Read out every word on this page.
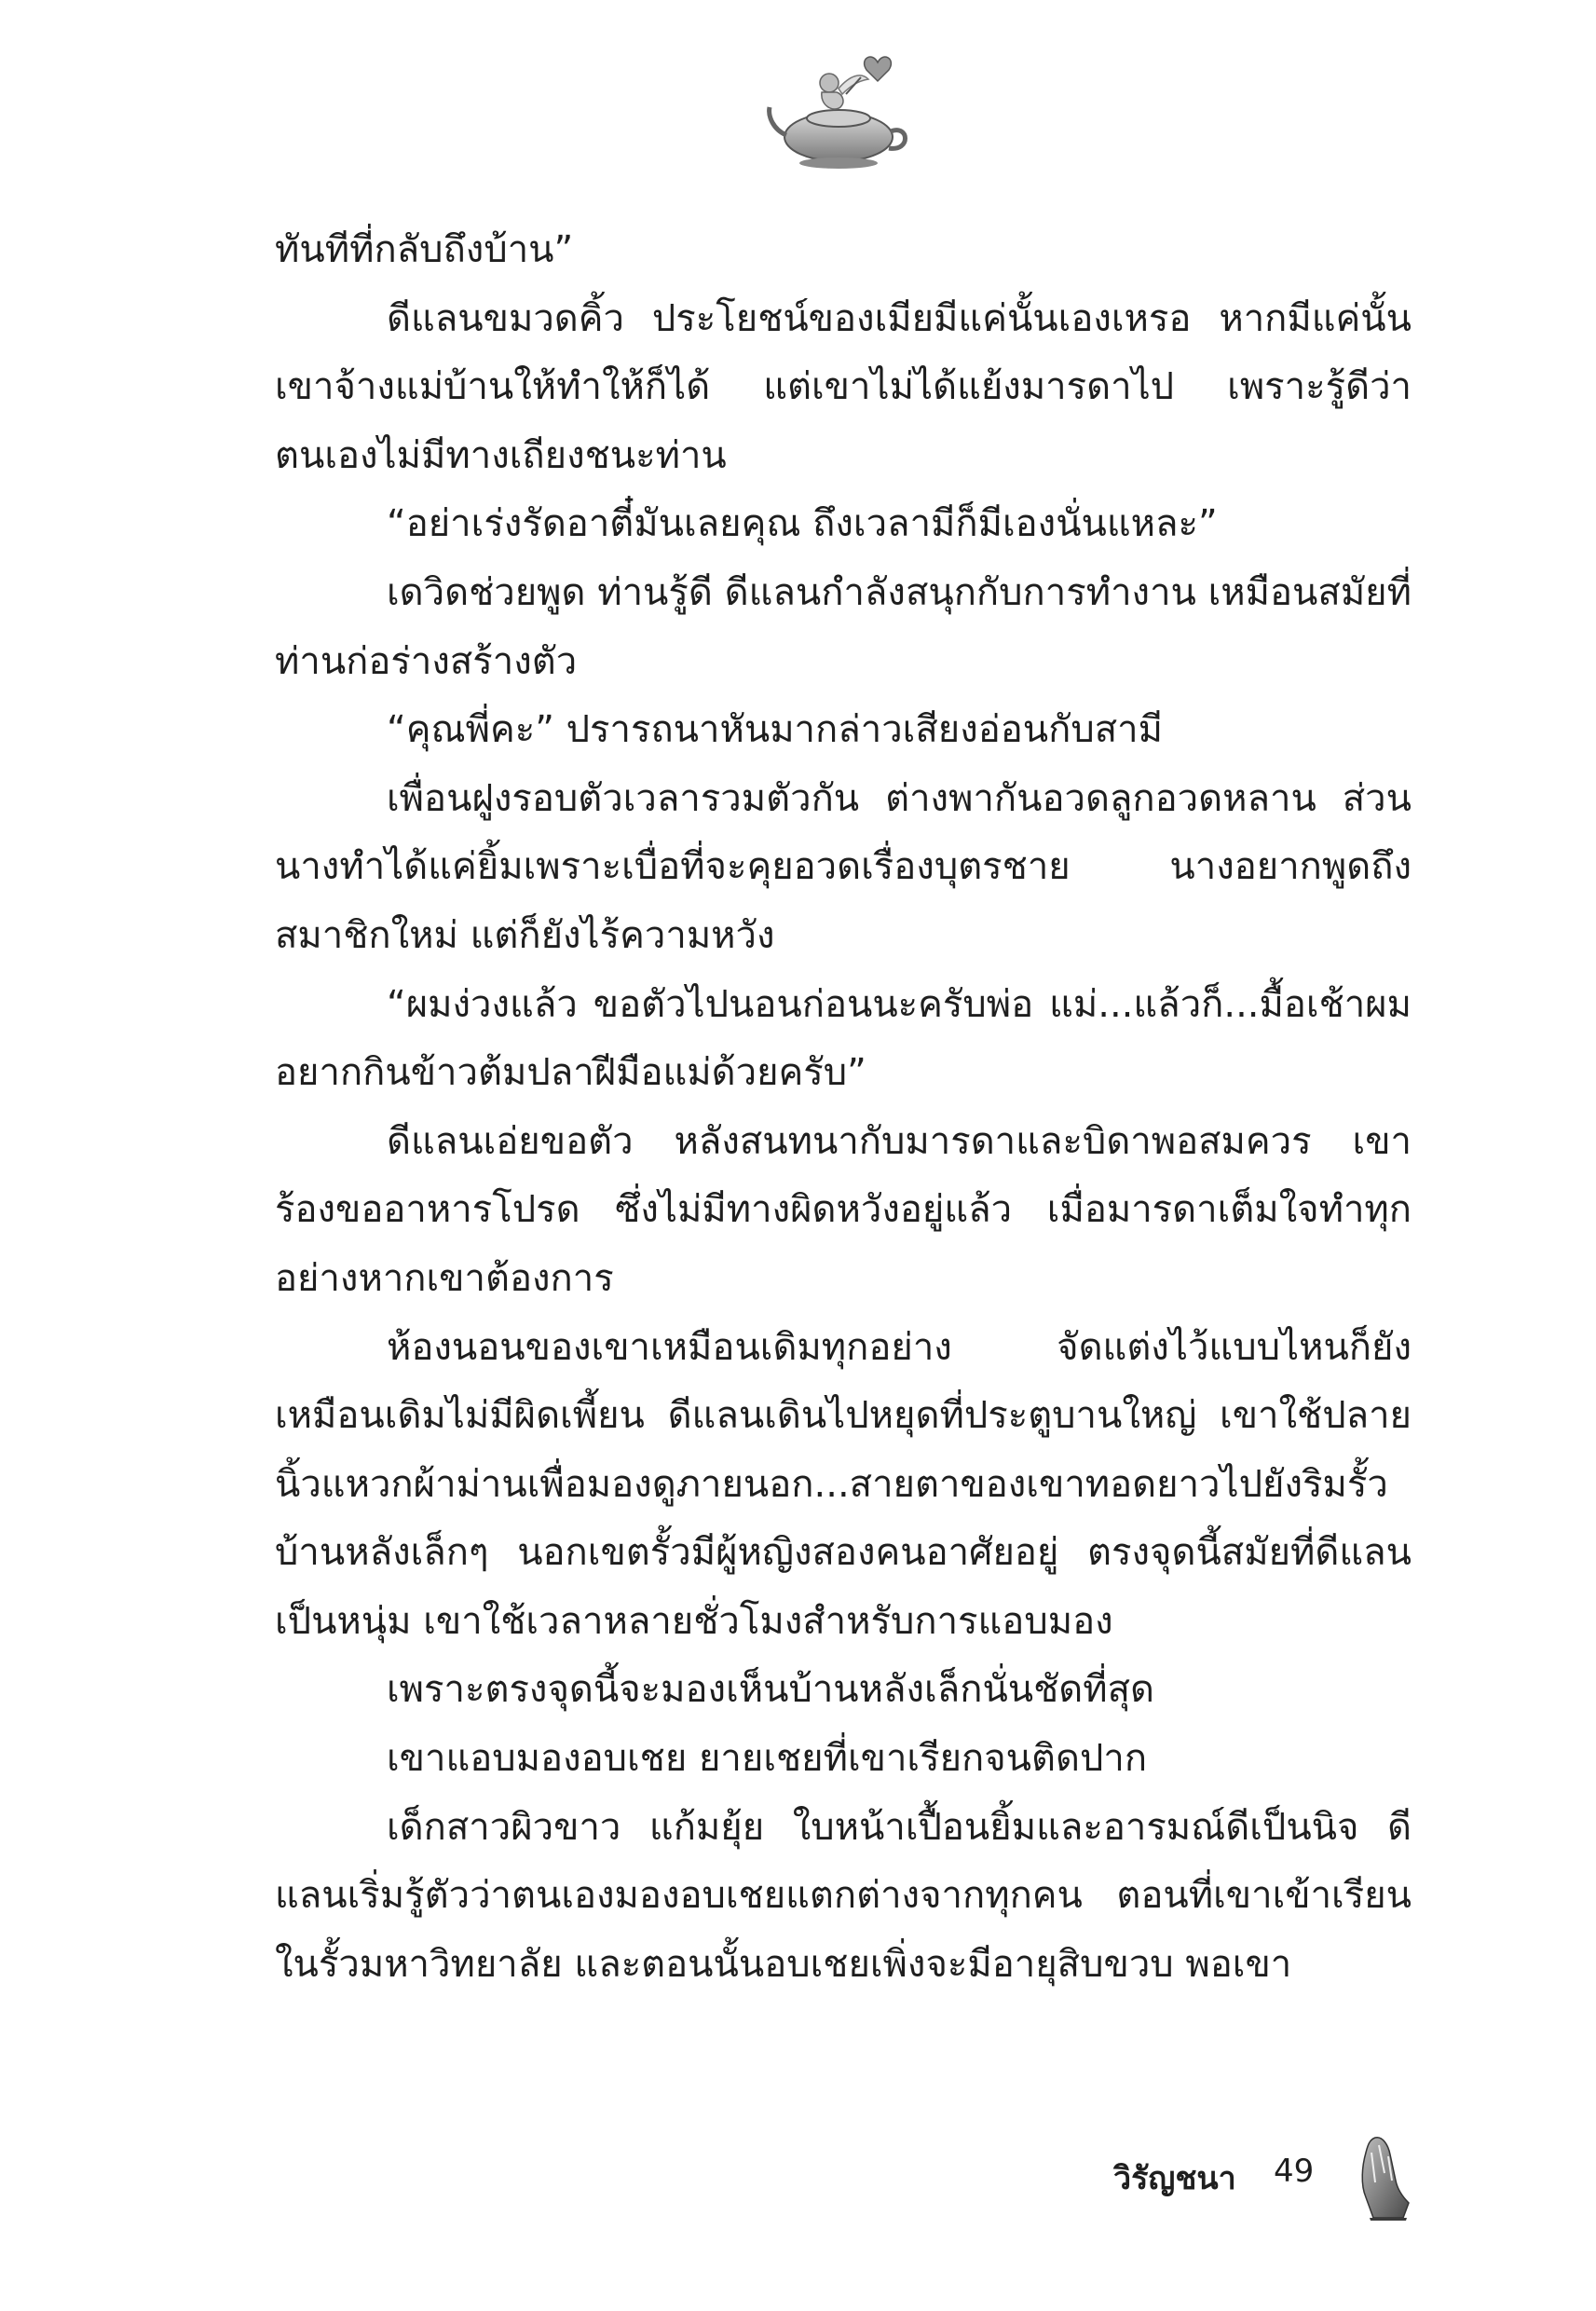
ทันทีที่กลับถึงบ้าน”

ดีแลนขมวดคิ้ว ประโยชน์ของเมียมีแค่นั้นเองเหรอ หากมีแค่นั้น เขาจ้างแม่บ้านให้ทำให้ก็ได้ แต่เขาไม่ได้แย้งมารดาไป เพราะรู้ดีว่าตนเองไม่มีทางเถียงชนะท่าน

“อย่าเร่งรัดอาตี๋มันเลยคุณ ถึงเวลามีก็มีเองนั่นแหละ”

เดวิดช่วยพูด ท่านรู้ดี ดีแลนกำลังสนุกกับการทำงาน เหมือนสมัยที่ท่านก่อร่างสร้างตัว

“คุณพี่คะ” ปรารถนาหันมากล่าวเสียงอ่อนกับสามี

เพื่อนฝูงรอบตัวเวลารวมตัวกัน ต่างพากันอวดลูกอวดหลาน ส่วนนางทำได้แค่ยิ้มเพราะเบื่อที่จะคุยอวดเรื่องบุตรชาย นางอยากพูดถึงสมาชิกใหม่ แต่ก็ยังไร้ความหวัง

“ผมง่วงแล้ว ขอตัวไปนอนก่อนนะครับพ่อ แม่...แล้วก็...มื้อเช้าผมอยากกินข้าวต้มปลาฝีมือแม่ด้วยครับ”

ดีแลนเอ่ยขอตัว หลังสนทนากับมารดาและบิดาพอสมควร เขาร้องขออาหารโปรด ซึ่งไม่มีทางผิดหวังอยู่แล้ว เมื่อมารดาเต็มใจทำทุกอย่างหากเขาต้องการ

ห้องนอนของเขาเหมือนเดิมทุกอย่าง จัดแต่งไว้แบบไหนก็ยังเหมือนเดิมไม่มีผิดเพี้ยน ดีแลนเดินไปหยุดที่ประตูบานใหญ่ เขาใช้ปลายนิ้วแหวกผ้าม่านเพื่อมองดูภายนอก...สายตาของเขาทอดยาวไปยังริมรั้ว บ้านหลังเล็กๆ นอกเขตรั้วมีผู้หญิงสองคนอาศัยอยู่ ตรงจุดนี้สมัยที่ดีแลนเป็นหนุ่ม เขาใช้เวลาหลายชั่วโมงสำหรับการแอบมอง

เพราะตรงจุดนี้จะมองเห็นบ้านหลังเล็กนั่นชัดที่สุด

เขาแอบมองอบเชย ยายเชยที่เขาเรียกจนติดปาก

เด็กสาวผิวขาว แก้มยุ้ย ใบหน้าเปื้อนยิ้มและอารมณ์ดีเป็นนิจ ดีแลนเริ่มรู้ตัวว่าตนเองมองอบเชยแตกต่างจากทุกคน ตอนที่เขาเข้าเรียนในรั้วมหาวิทยาลัย และตอนนั้นอบเชยเพิ่งจะมีอายุสิบขวบ พอเขา

วิรัญชนา 49
